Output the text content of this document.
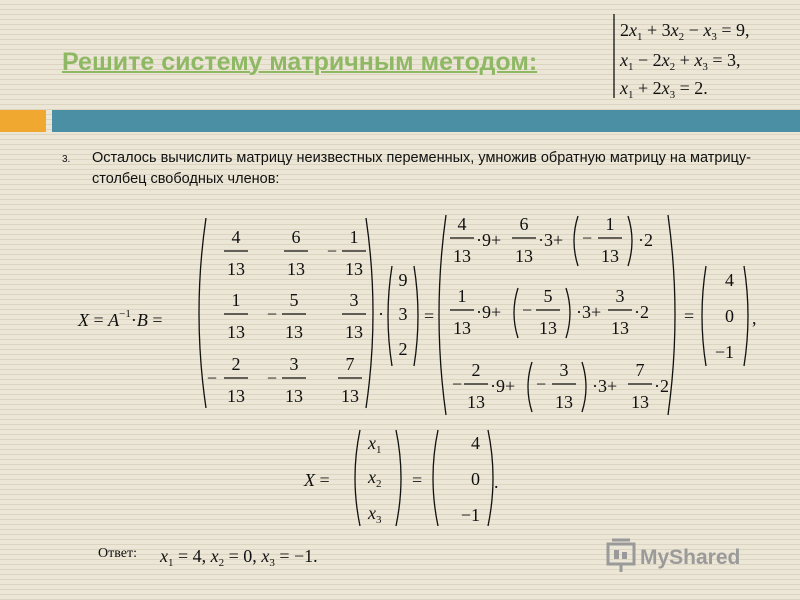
Решите систему матричным методом:
$2x_1 + 3x_2 - x_3 = 9$,
$x_1 - 2x_2 + x_3 = 3$,
$x_1 + 2x_3 = 2$.
3. Осталось вычислить матрицу неизвестных переменных, умножив обратную матрицу на матрицу-столбец свободных членов:
$X = A^{-1}\cdot B$ =
4
13
6
13
−
1
13
1
13
−
5
13
3
13
−
2
13
−
3
13
7
13
·
9
3
2
=
4
13
·9+
6
13
·3+ −
1
13
·2
1
13
·9+ −
5
13
·3+
3
13
·2
−
2
13
·9+ −
3
13
·3+
7
13
·2
=
4
0
−1
,
X =
$x_1$
$x_2$
$x_3$
=
4
0
−1
.
$x_1 = 4$, $x_2 = 0$, $x_3 = -1$.
Ответ:	MyShared
